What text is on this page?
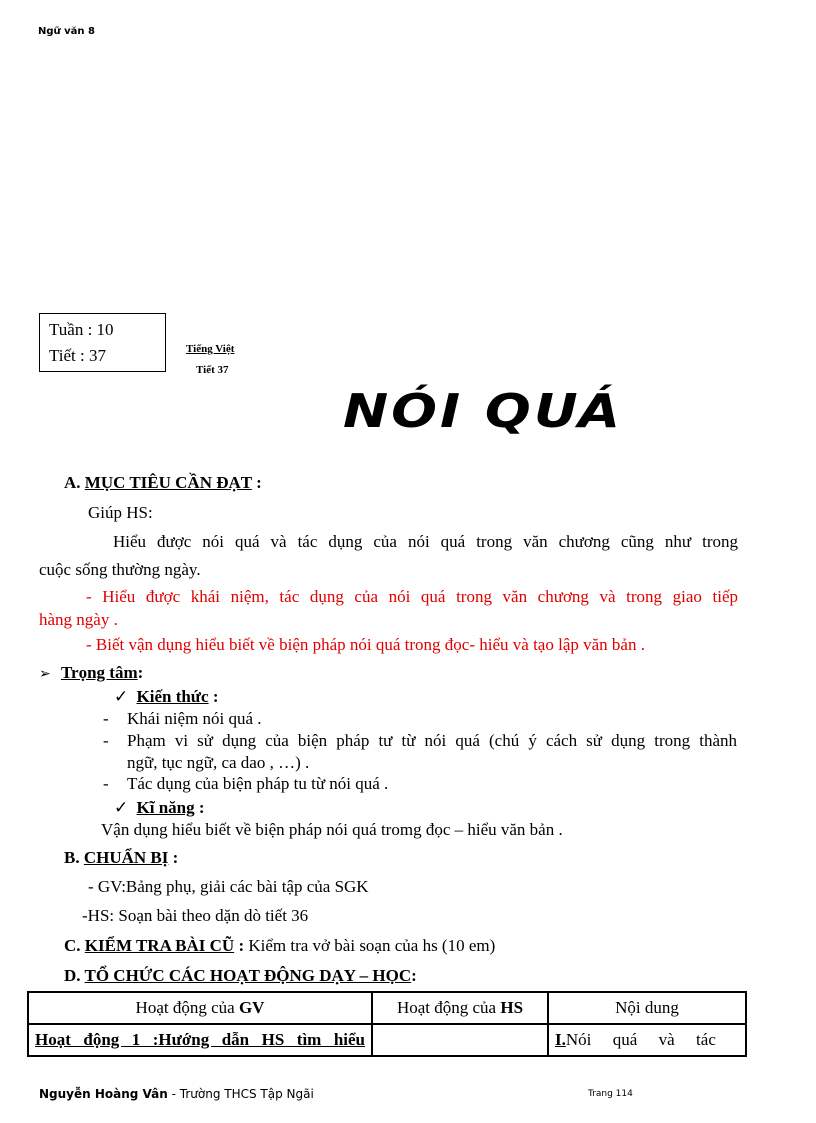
Ngữ văn 8
Tuần : 10
Tiết : 37	Tiếng Việt
Tiết 37
NÓI QUÁ
A. MỤC TIÊU CẦN ĐẠT :
Giúp HS:
Hiểu được nói quá và tác dụng của nói quá trong văn chương cũng như trong
cuộc sống thường ngày.
- Hiểu được khái niệm, tác dụng của nói quá trong văn chương và trong giao tiếp
hàng ngày .
- Biết vận dụng hiểu biết về biện pháp nói quá trong đọc- hiểu và tạo lập văn bản .
➢ Trọng tâm:
✓ Kiến thức :
- Khái niệm nói quá .
- Phạm vi sử dụng của biện pháp tư từ nói quá (chú ý cách sử dụng trong thành
ngữ, tục ngữ, ca dao , …) .
- Tác dụng của biện pháp tu từ nói quá .
✓ Kĩ năng :
Vận dụng hiểu biết về biện pháp nói quá tromg đọc – hiểu văn bản .
B. CHUẨN BỊ :
- GV:Bảng phụ, giải các bài tập của SGK
-HS: Soạn bài theo dặn dò tiết 36
C. KIỂM TRA BÀI CŨ : Kiểm tra vở bài soạn của hs (10 em)
D. TỔ CHỨC CÁC HOẠT ĐỘNG DẠY – HỌC:
Hoạt động của GV	Hoạt động của HS	Nội dung

Hoạt động 1 :Hướng dẫn HS tìm hiểu		I.Nói quá và tác
Nguyễn Hoàng Vân - Trường THCS Tập Ngãi	Trang 114
